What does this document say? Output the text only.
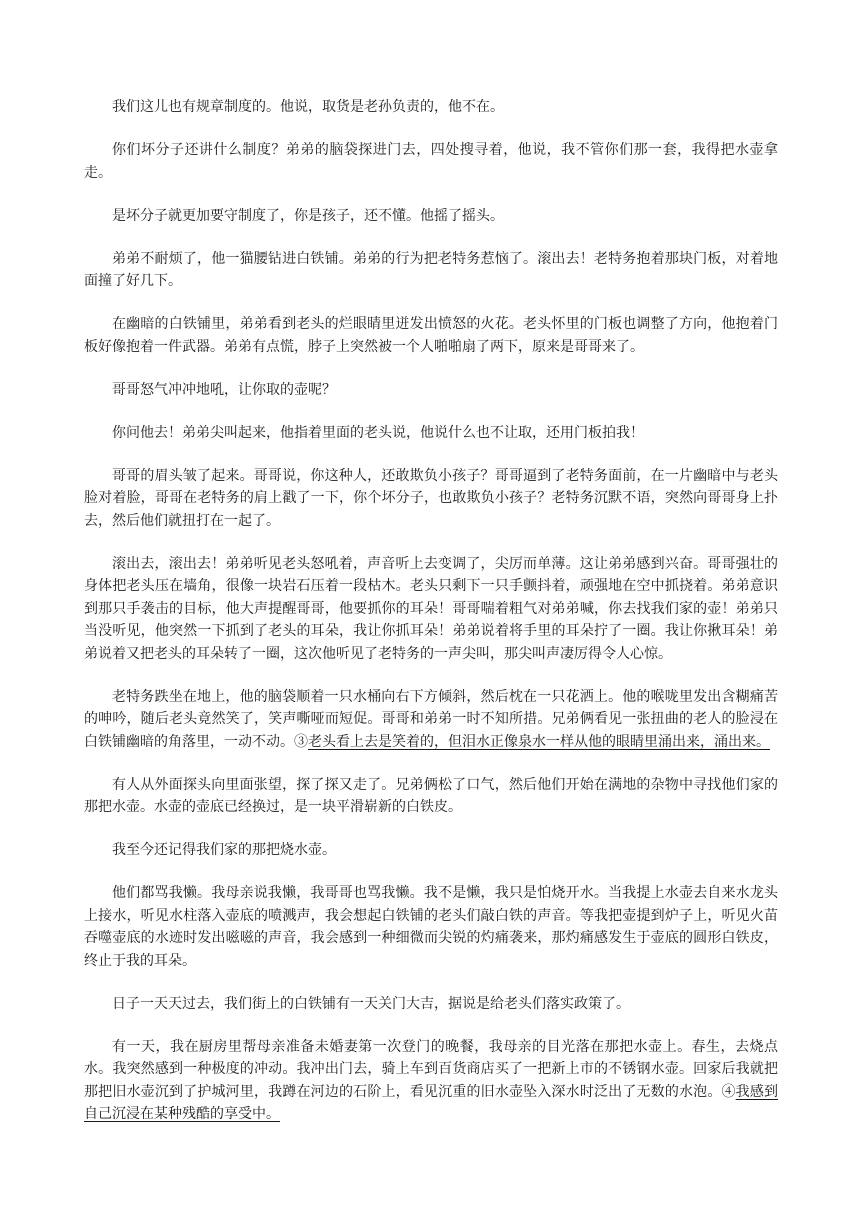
我们这儿也有规章制度的。他说，取货是老孙负责的，他不在。

你们坏分子还讲什么制度？弟弟的脑袋探进门去，四处搜寻着，他说，我不管你们那一套，我得把水壶拿走。

是坏分子就更加要守制度了，你是孩子，还不懂。他摇了摇头。

弟弟不耐烦了，他一猫腰钻进白铁铺。弟弟的行为把老特务惹恼了。滚出去！老特务抱着那块门板，对着地面撞了好几下。

在幽暗的白铁铺里，弟弟看到老头的烂眼睛里迸发出愤怒的火花。老头怀里的门板也调整了方向，他抱着门板好像抱着一件武器。弟弟有点慌，脖子上突然被一个人啪啪扇了两下，原来是哥哥来了。

哥哥怒气冲冲地吼，让你取的壶呢？

你问他去！弟弟尖叫起来，他指着里面的老头说，他说什么也不让取，还用门板拍我！

哥哥的眉头皱了起来。哥哥说，你这种人，还敢欺负小孩子？哥哥逼到了老特务面前，在一片幽暗中与老头脸对着脸，哥哥在老特务的肩上戳了一下，你个坏分子，也敢欺负小孩子？老特务沉默不语，突然向哥哥身上扑去，然后他们就扭打在一起了。

滚出去，滚出去！弟弟听见老头怒吼着，声音听上去变调了，尖厉而单薄。这让弟弟感到兴奋。哥哥强壮的身体把老头压在墙角，很像一块岩石压着一段枯木。老头只剩下一只手颤抖着，顽强地在空中抓挠着。弟弟意识到那只手袭击的目标，他大声提醒哥哥，他要抓你的耳朵！哥哥喘着粗气对弟弟喊，你去找我们家的壶！弟弟只当没听见，他突然一下抓到了老头的耳朵，我让你抓耳朵！弟弟说着将手里的耳朵拧了一圈。我让你揪耳朵！弟弟说着又把老头的耳朵转了一圈，这次他听见了老特务的一声尖叫，那尖叫声凄厉得令人心惊。

老特务跌坐在地上，他的脑袋顺着一只水桶向右下方倾斜，然后枕在一只花洒上。他的喉咙里发出含糊痛苦的呻吟，随后老头竟然笑了，笑声嘶哑而短促。哥哥和弟弟一时不知所措。兄弟俩看见一张扭曲的老人的脸浸在白铁铺幽暗的角落里，一动不动。③老头看上去是笑着的，但泪水正像泉水一样从他的眼睛里涌出来，涌出来。

有人从外面探头向里面张望，探了探又走了。兄弟俩松了口气，然后他们开始在满地的杂物中寻找他们家的那把水壶。水壶的壶底已经换过，是一块平滑崭新的白铁皮。

我至今还记得我们家的那把烧水壶。

他们都骂我懒。我母亲说我懒，我哥哥也骂我懒。我不是懒，我只是怕烧开水。当我提上水壶去自来水龙头上接水，听见水柱落入壶底的喷溅声，我会想起白铁铺的老头们敲白铁的声音。等我把壶提到炉子上，听见火苗吞噬壶底的水迹时发出嗞嗞的声音，我会感到一种细微而尖锐的灼痛袭来，那灼痛感发生于壶底的圆形白铁皮，终止于我的耳朵。

日子一天天过去，我们街上的白铁铺有一天关门大吉，据说是给老头们落实政策了。

有一天，我在厨房里帮母亲准备未婚妻第一次登门的晚餐，我母亲的目光落在那把水壶上。春生，去烧点水。我突然感到一种极度的冲动。我冲出门去，骑上车到百货商店买了一把新上市的不锈钢水壶。回家后我就把那把旧水壶沉到了护城河里，我蹲在河边的石阶上，看见沉重的旧水壶坠入深水时泛出了无数的水泡。④我感到自己沉浸在某种残酷的享受中。
